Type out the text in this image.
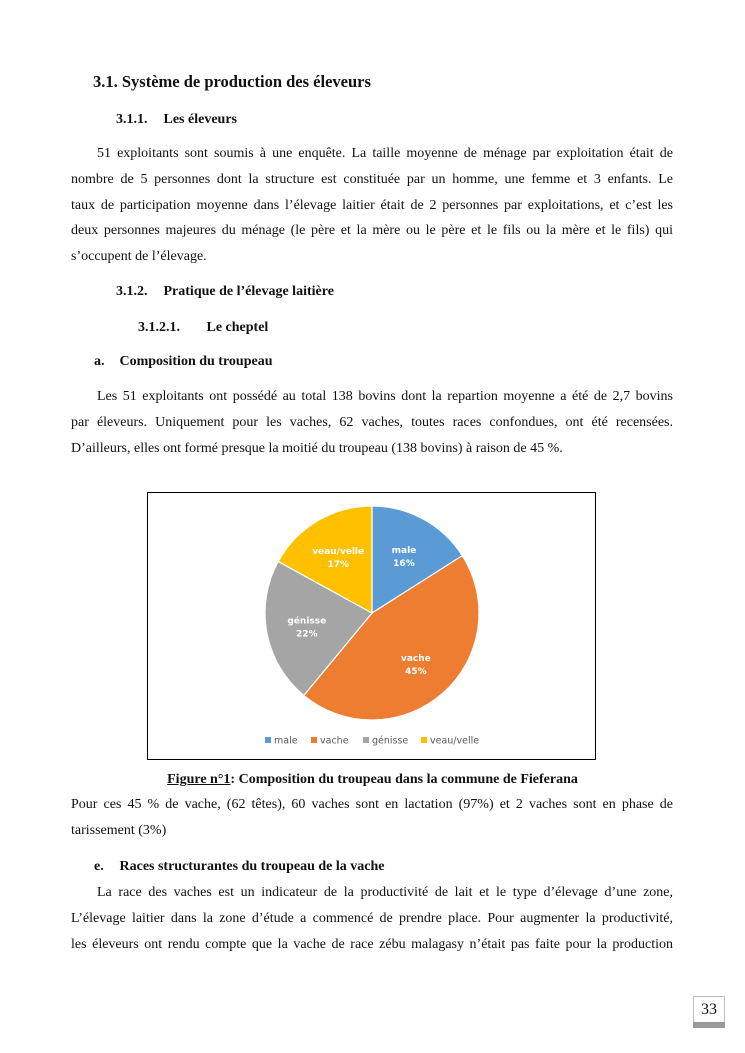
3.1. Système de production des éleveurs
3.1.1. Les éleveurs
51 exploitants sont soumis à une enquête. La taille moyenne de ménage par exploitation était de
nombre de 5 personnes dont la structure est constituée par un homme, une femme et 3 enfants. Le
taux de participation moyenne dans l’élevage laitier était de 2 personnes par exploitations, et c’est les
deux personnes majeures du ménage (le père et la mère ou le père et le fils ou la mère et le fils) qui
s’occupent de l’élevage.
3.1.2. Pratique de l’élevage laitière
3.1.2.1. Le cheptel
a. Composition du troupeau
Les 51 exploitants ont possédé au total 138 bovins dont la repartion moyenne a été de 2,7 bovins
par éleveurs. Uniquement pour les vaches, 62 vaches, toutes races confondues, ont été recensées.
D’ailleurs, elles ont formé presque la moitié du troupeau (138 bovins) à raison de 45 %.
male 16%
vache 45%
génisse 22%
veau/velle 17%
male vache génisse veau/velle
Figure n°1: Composition du troupeau dans la commune de Fieferana
Pour ces 45 % de vache, (62 têtes), 60 vaches sont en lactation (97%) et 2 vaches sont en phase de
tarissement (3%)
e. Races structurantes du troupeau de la vache
La race des vaches est un indicateur de la productivité de lait et le type d’élevage d’une zone,
L’élevage laitier dans la zone d’étude a commencé de prendre place. Pour augmenter la productivité,
les éleveurs ont rendu compte que la vache de race zébu malagasy n’était pas faite pour la production
33
